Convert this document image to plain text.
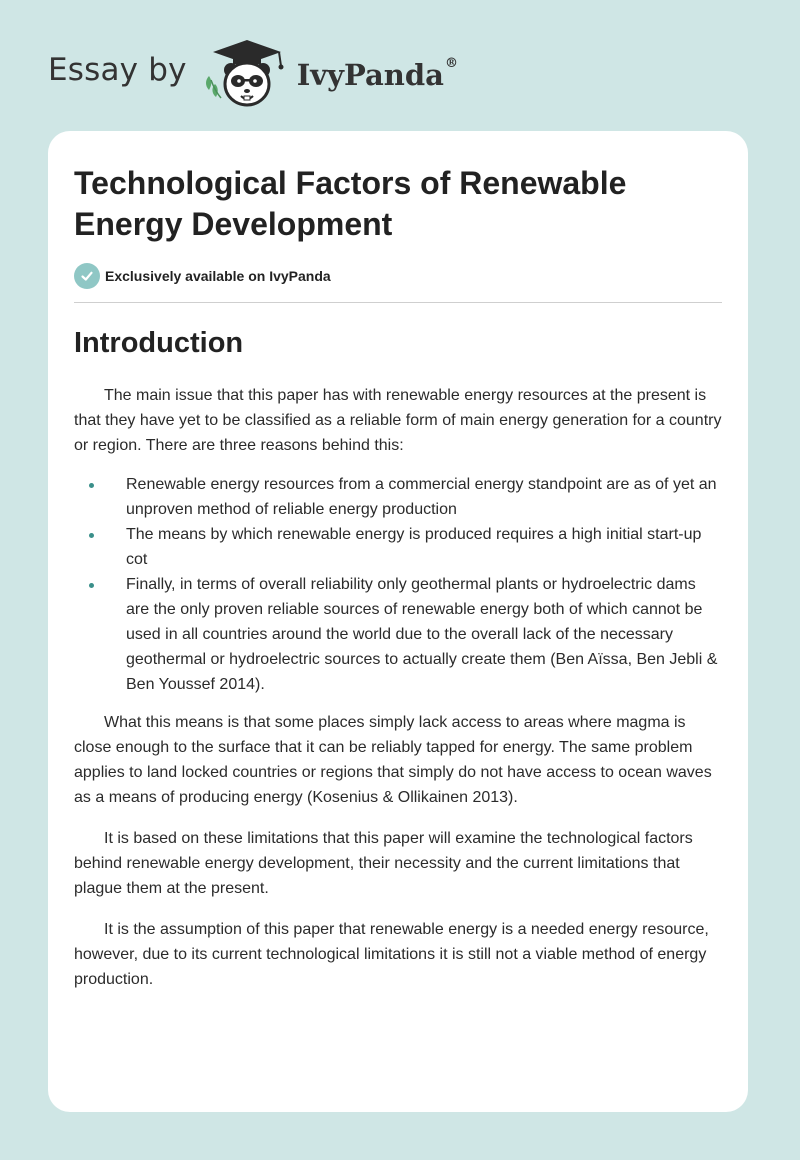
Essay by	IvyPanda®
Technological Factors of Renewable Energy Development
Exclusively available on IvyPanda
Introduction

The main issue that this paper has with renewable energy resources at the present is that they have yet to be classified as a reliable form of main energy generation for a country or region. There are three reasons behind this:

Renewable energy resources from a commercial energy standpoint are as of yet an unproven method of reliable energy production
The means by which renewable energy is produced requires a high initial start-up cot
Finally, in terms of overall reliability only geothermal plants or hydroelectric dams are the only proven reliable sources of renewable energy both of which cannot be used in all countries around the world due to the overall lack of the necessary geothermal or hydroelectric sources to actually create them (Ben Aïssa, Ben Jebli & Ben Youssef 2014).

What this means is that some places simply lack access to areas where magma is close enough to the surface that it can be reliably tapped for energy. The same problem applies to land locked countries or regions that simply do not have access to ocean waves as a means of producing energy (Kosenius & Ollikainen 2013).

It is based on these limitations that this paper will examine the technological factors behind renewable energy development, their necessity and the current limitations that plague them at the present.

It is the assumption of this paper that renewable energy is a needed energy resource, however, due to its current technological limitations it is still not a viable method of energy production.
